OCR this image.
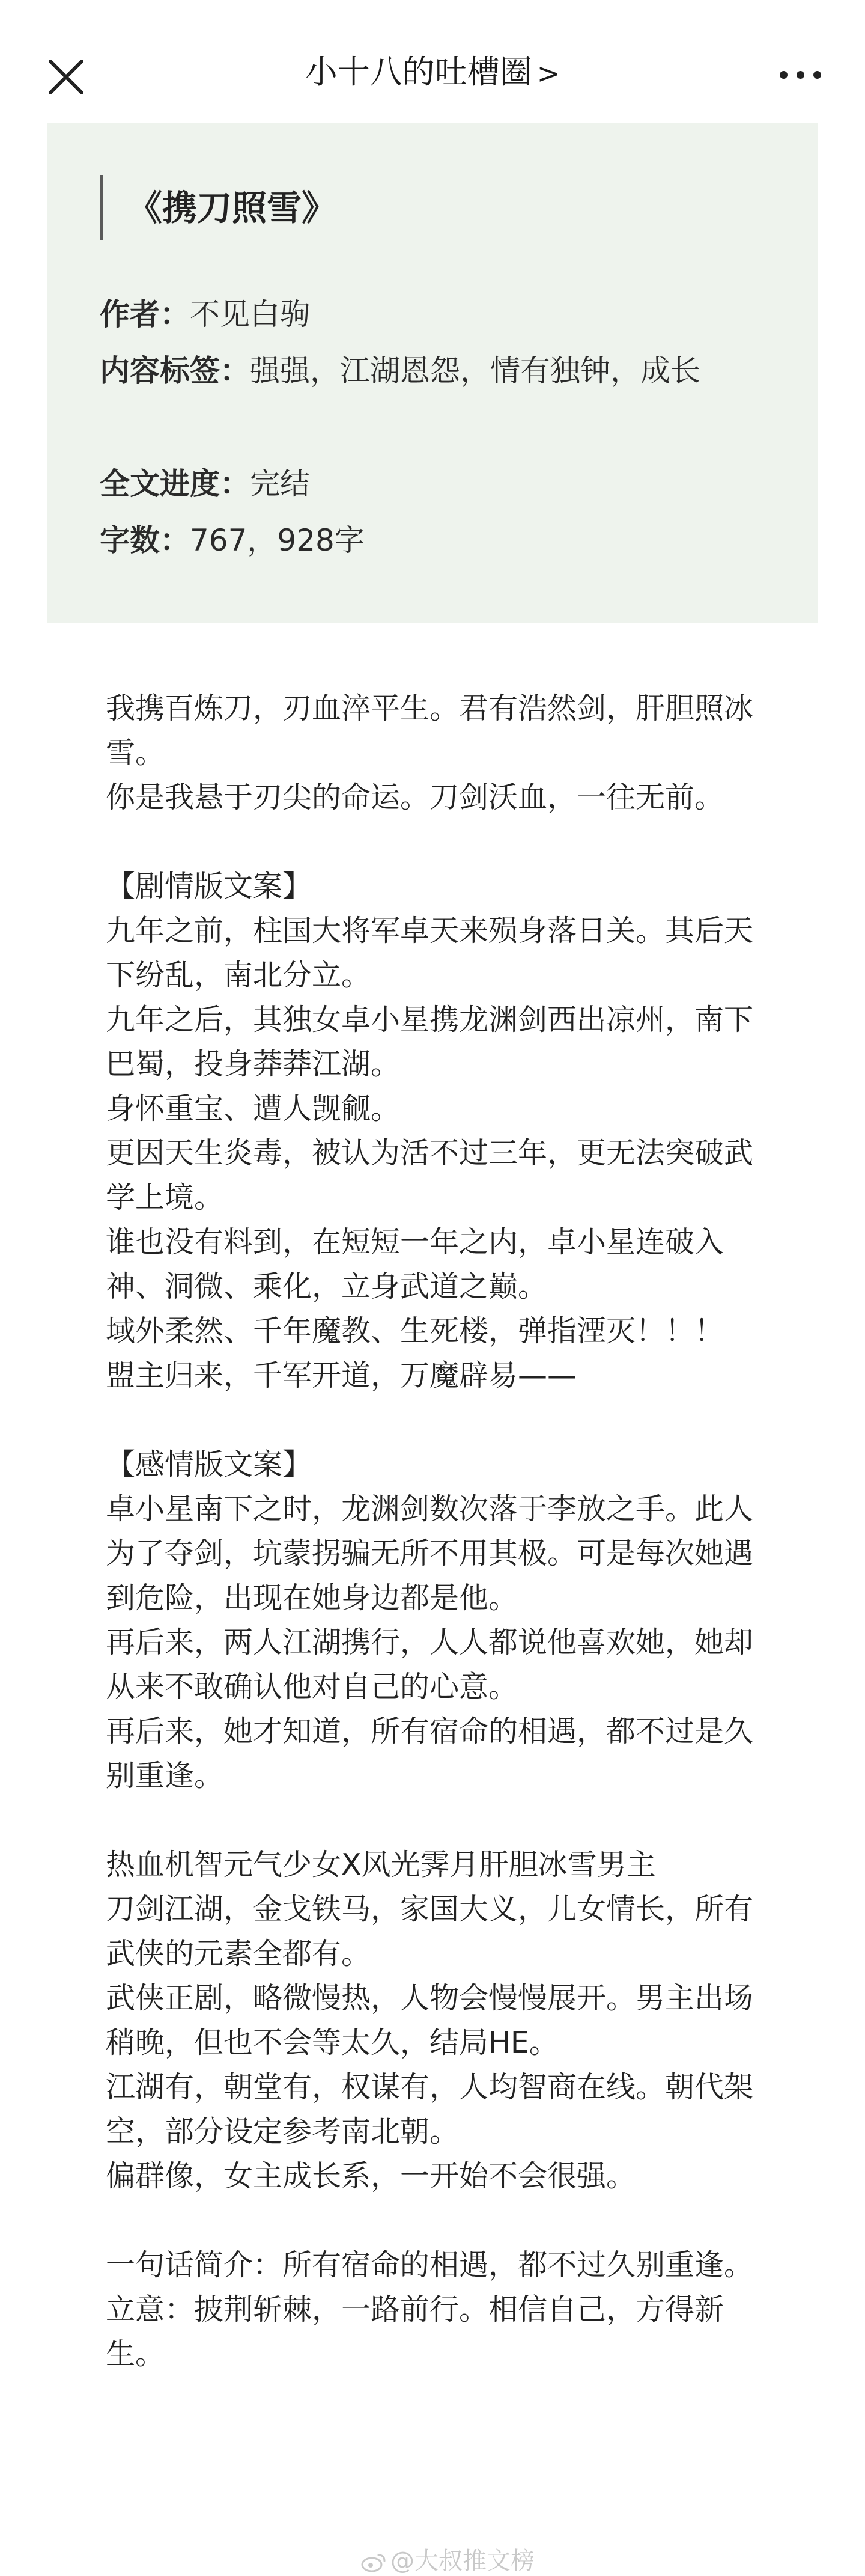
小十八的吐槽圈 >
《携刀照雪》
作者：不见白驹
内容标签：强强，江湖恩怨，情有独钟，成长
全文进度：完结
字数：767，928字

我携百炼刀，刃血淬平生。君有浩然剑，肝胆照冰雪。

你是我悬于刃尖的命运。刀剑沃血，一往无前。

【剧情版文案】

九年之前，柱国大将军卓天来殒身落日关。其后天下纷乱，南北分立。

九年之后，其独女卓小星携龙渊剑西出凉州，南下巴蜀，投身莽莽江湖。

身怀重宝、遭人觊觎。

更因天生炎毒，被认为活不过三年，更无法突破武学上境。

谁也没有料到，在短短一年之内，卓小星连破入神、洞微、乘化，立身武道之巅。

域外柔然、千年魔教、生死楼，弹指湮灭！！！

盟主归来，千军开道，万魔辟易——

【感情版文案】

卓小星南下之时，龙渊剑数次落于李放之手。此人为了夺剑，坑蒙拐骗无所不用其极。可是每次她遇到危险，出现在她身边都是他。

再后来，两人江湖携行，人人都说他喜欢她，她却从来不敢确认他对自己的心意。

再后来，她才知道，所有宿命的相遇，都不过是久别重逢。

热血机智元气少女X风光霁月肝胆冰雪男主

刀剑江湖，金戈铁马，家国大义，儿女情长，所有武侠的元素全都有。

武侠正剧，略微慢热，人物会慢慢展开。男主出场稍晚，但也不会等太久，结局HE。

江湖有，朝堂有，权谋有，人均智商在线。朝代架空，部分设定参考南北朝。

偏群像，女主成长系，一开始不会很强。

一句话简介：所有宿命的相遇，都不过久别重逢。

立意：披荆斩棘，一路前行。相信自己，方得新生。

@大叔推文榜
